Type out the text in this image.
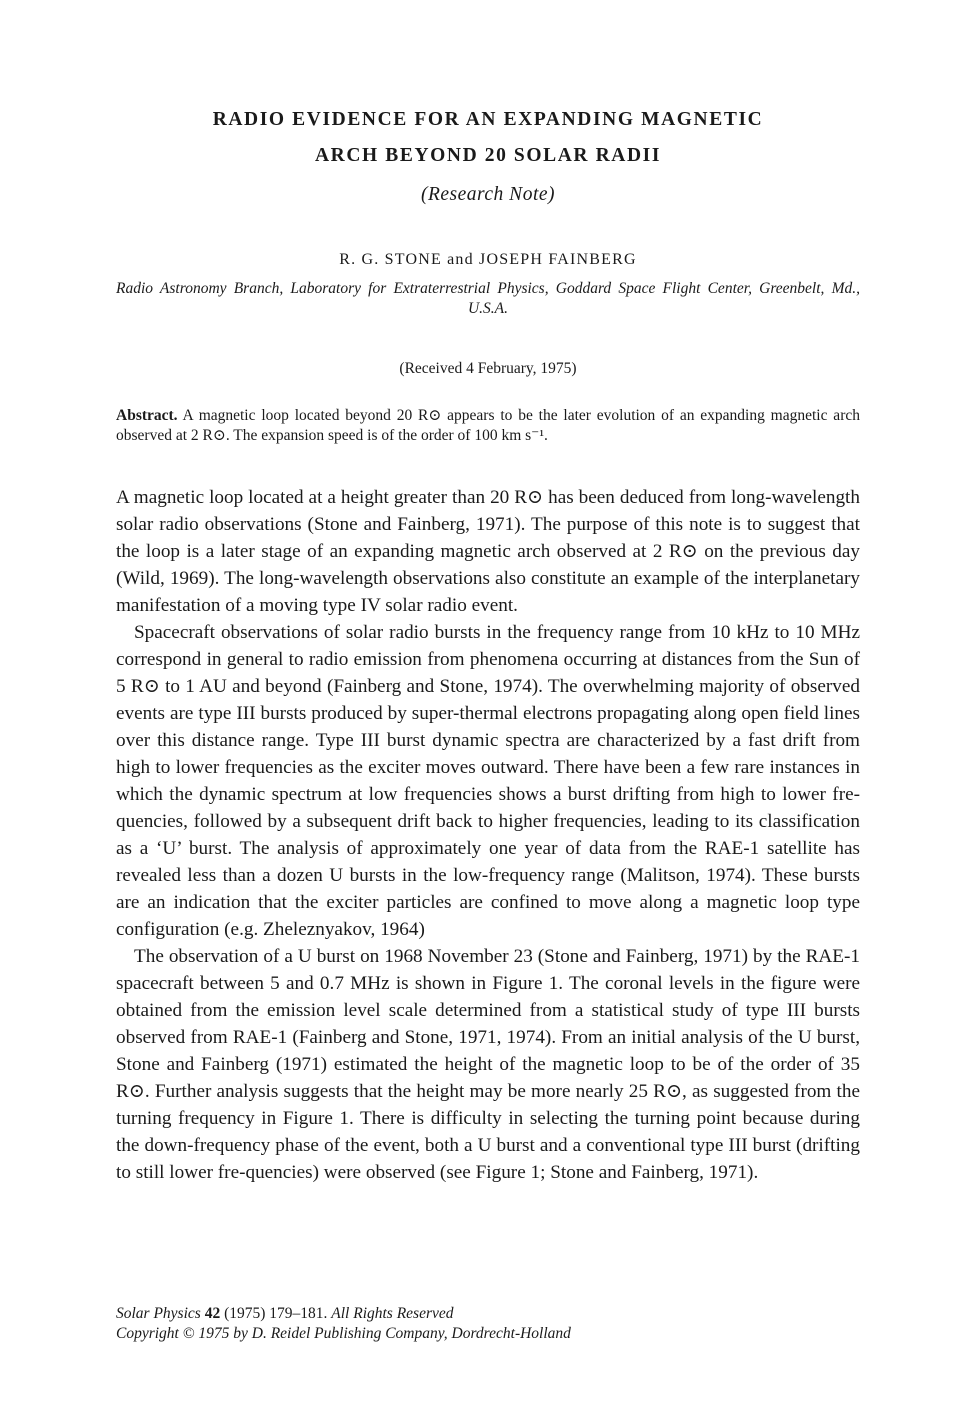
RADIO EVIDENCE FOR AN EXPANDING MAGNETIC
ARCH BEYOND 20 SOLAR RADII
(Research Note)
R. G. STONE and JOSEPH FAINBERG
Radio Astronomy Branch, Laboratory for Extraterrestrial Physics, Goddard Space Flight Center, Greenbelt, Md., U.S.A.
(Received 4 February, 1975)
Abstract. A magnetic loop located beyond 20 R⊙ appears to be the later evolution of an expanding magnetic arch observed at 2 R⊙. The expansion speed is of the order of 100 km s⁻¹.

A magnetic loop located at a height greater than 20 R⊙ has been deduced from long-wavelength solar radio observations (Stone and Fainberg, 1971). The purpose of this note is to suggest that the loop is a later stage of an expanding magnetic arch observed at 2 R⊙ on the previous day (Wild, 1969). The long-wavelength observations also constitute an example of the interplanetary manifestation of a moving type IV solar radio event.

Spacecraft observations of solar radio bursts in the frequency range from 10 kHz to 10 MHz correspond in general to radio emission from phenomena occurring at distances from the Sun of 5 R⊙ to 1 AU and beyond (Fainberg and Stone, 1974). The overwhelming majority of observed events are type III bursts produced by super-thermal electrons propagating along open field lines over this distance range. Type III burst dynamic spectra are characterized by a fast drift from high to lower frequencies as the exciter moves outward. There have been a few rare instances in which the dynamic spectrum at low frequencies shows a burst drifting from high to lower fre-quencies, followed by a subsequent drift back to higher frequencies, leading to its classification as a ‘U’ burst. The analysis of approximately one year of data from the RAE-1 satellite has revealed less than a dozen U bursts in the low-frequency range (Malitson, 1974). These bursts are an indication that the exciter particles are confined to move along a magnetic loop type configuration (e.g. Zheleznyakov, 1964)

The observation of a U burst on 1968 November 23 (Stone and Fainberg, 1971) by the RAE-1 spacecraft between 5 and 0.7 MHz is shown in Figure 1. The coronal levels in the figure were obtained from the emission level scale determined from a statistical study of type III bursts observed from RAE-1 (Fainberg and Stone, 1971, 1974). From an initial analysis of the U burst, Stone and Fainberg (1971) estimated the height of the magnetic loop to be of the order of 35 R⊙. Further analysis suggests that the height may be more nearly 25 R⊙, as suggested from the turning frequency in Figure 1. There is difficulty in selecting the turning point because during the down-frequency phase of the event, both a U burst and a conventional type III burst (drifting to still lower fre-quencies) were observed (see Figure 1; Stone and Fainberg, 1971).

Solar Physics 42 (1975) 179–181. All Rights Reserved
Copyright © 1975 by D. Reidel Publishing Company, Dordrecht-Holland
